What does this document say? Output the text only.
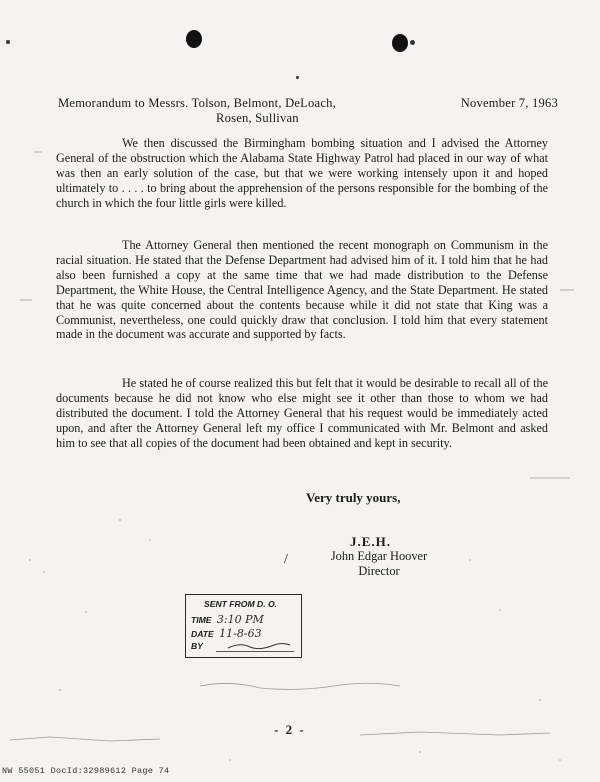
Memorandum to Messrs. Tolson, Belmont, DeLoach,
Rosen, Sullivan
November 7, 1963

We then discussed the Birmingham bombing situation and I advised the Attorney General of the obstruction which the Alabama State Highway Patrol had placed in our way of what was then an early solution of the case, but that we were working intensely upon it and hoped ultimately to . . . . to bring about the apprehension of the persons responsible for the bombing of the church in which the four little girls were killed.

The Attorney General then mentioned the recent monograph on Communism in the racial situation. He stated that the Defense Department had advised him of it. I told him that he had also been furnished a copy at the same time that we had made distribution to the Defense Department, the White House, the Central Intelligence Agency, and the State Department. He stated that he was quite concerned about the contents because while it did not state that King was a Communist, nevertheless, one could quickly draw that conclusion. I told him that every statement made in the document was accurate and supported by facts.

He stated he of course realized this but felt that it would be desirable to recall all of the documents because he did not know who else might see it other than those to whom we had distributed the document. I told the Attorney General that his request would be immediately acted upon, and after the Attorney General left my office I communicated with Mr. Belmont and asked him to see that all copies of the document had been obtained and kept in security.

Very truly yours,
J.E.H.
/	John Edgar Hoover
Director
SENT FROM D. O.
TIME 3:10 PM
DATE 11-8-63
BY
- 2 -
NW 55051 DocId:32989612 Page 74
